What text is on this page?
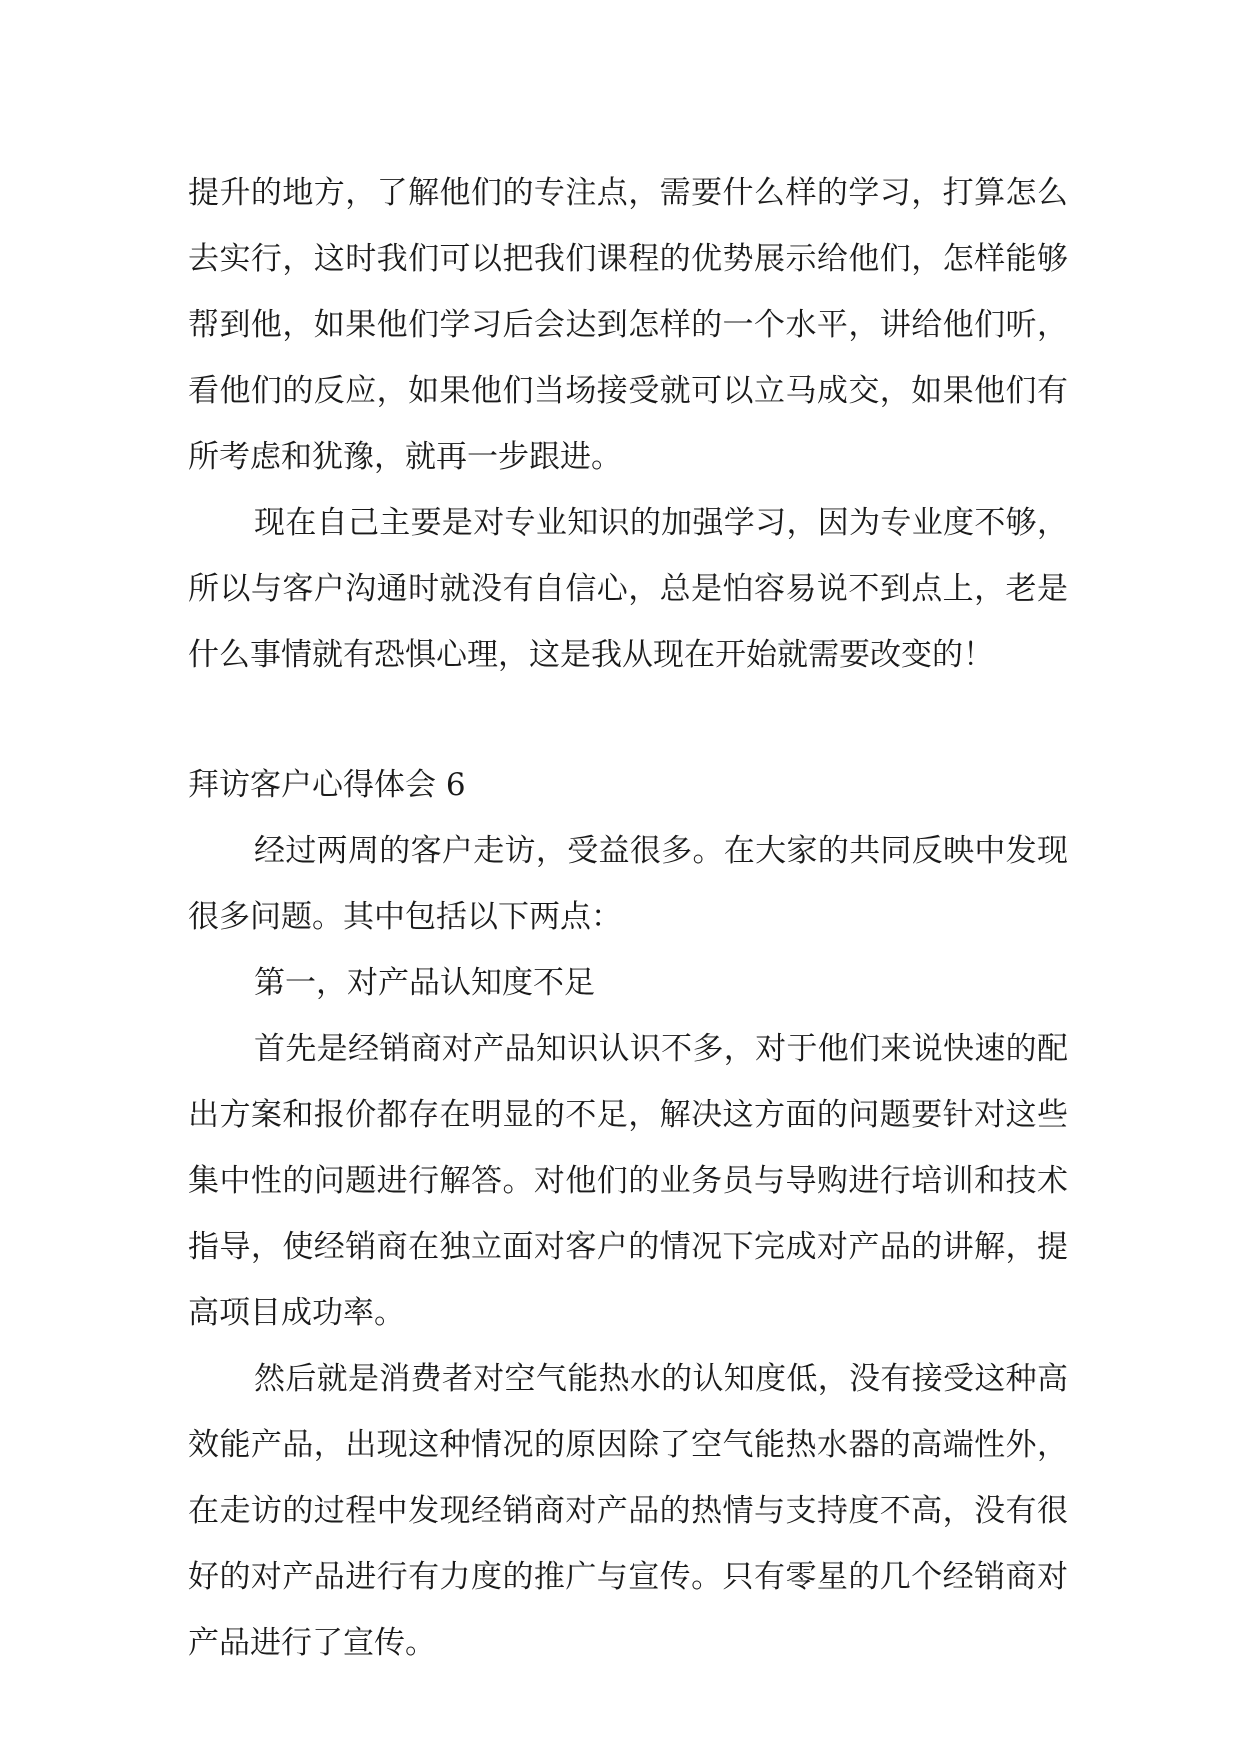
提升的地方，了解他们的专注点，需要什么样的学习，打算怎么去实行，这时我们可以把我们课程的优势展示给他们，怎样能够帮到他，如果他们学习后会达到怎样的一个水平，讲给他们听，看他们的反应，如果他们当场接受就可以立马成交，如果他们有所考虑和犹豫，就再一步跟进。

现在自己主要是对专业知识的加强学习，因为专业度不够，所以与客户沟通时就没有自信心，总是怕容易说不到点上，老是什么事情就有恐惧心理，这是我从现在开始就需要改变的！

拜访客户心得体会 6

经过两周的客户走访，受益很多。在大家的共同反映中发现很多问题。其中包括以下两点：

第一，对产品认知度不足

首先是经销商对产品知识认识不多，对于他们来说快速的配出方案和报价都存在明显的不足，解决这方面的问题要针对这些集中性的问题进行解答。对他们的业务员与导购进行培训和技术指导，使经销商在独立面对客户的情况下完成对产品的讲解，提高项目成功率。

然后就是消费者对空气能热水的认知度低，没有接受这种高效能产品，出现这种情况的原因除了空气能热水器的高端性外，在走访的过程中发现经销商对产品的热情与支持度不高，没有很好的对产品进行有力度的推广与宣传。只有零星的几个经销商对产品进行了宣传。
